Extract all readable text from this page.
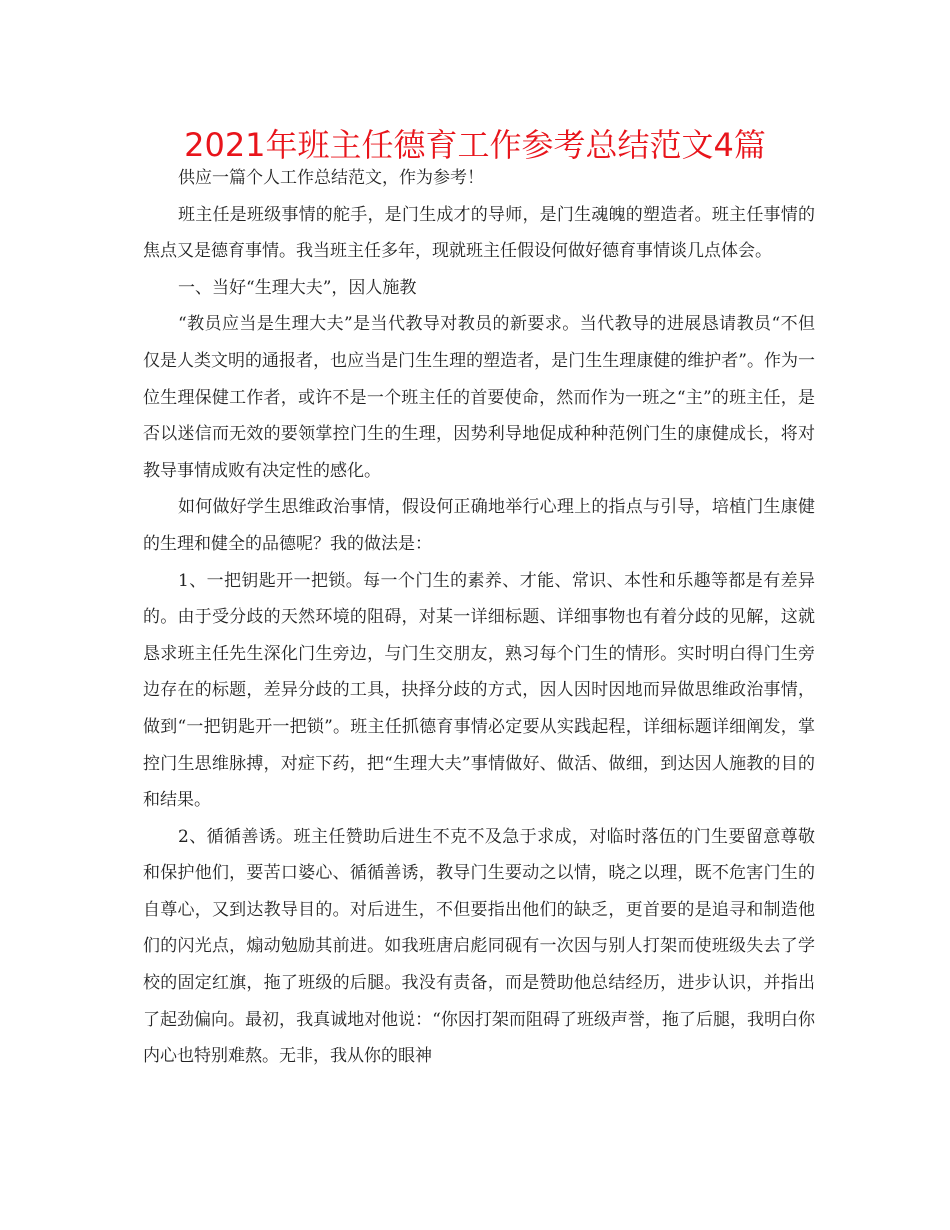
2021年班主任德育工作参考总结范文4篇

供应一篇个人工作总结范文，作为参考！

班主任是班级事情的舵手，是门生成才的导师，是门生魂魄的塑造者。班主任事情的焦点又是德育事情。我当班主任多年，现就班主任假设何做好德育事情谈几点体会。

一、当好“生理大夫”，因人施教

“教员应当是生理大夫”是当代教导对教员的新要求。当代教导的进展恳请教员“不但仅是人类文明的通报者，也应当是门生生理的塑造者，是门生生理康健的维护者”。作为一位生理保健工作者，或许不是一个班主任的首要使命，然而作为一班之“主”的班主任，是否以迷信而无效的要领掌控门生的生理，因势利导地促成种种范例门生的康健成长，将对教导事情成败有决定性的感化。

如何做好学生思维政治事情，假设何正确地举行心理上的指点与引导，培植门生康健的生理和健全的品德呢？我的做法是：

1、一把钥匙开一把锁。每一个门生的素养、才能、常识、本性和乐趣等都是有差异的。由于受分歧的天然环境的阻碍，对某一详细标题、详细事物也有着分歧的见解，这就恳求班主任先生深化门生旁边，与门生交朋友，熟习每个门生的情形。实时明白得门生旁边存在的标题，差异分歧的工具，抉择分歧的方式，因人因时因地而异做思维政治事情，做到“一把钥匙开一把锁”。班主任抓德育事情必定要从实践起程，详细标题详细阐发，掌控门生思维脉搏，对症下药，把“生理大夫”事情做好、做活、做细，到达因人施教的目的和结果。

2、循循善诱。班主任赞助后进生不克不及急于求成，对临时落伍的门生要留意尊敬和保护他们，要苦口婆心、循循善诱，教导门生要动之以情，晓之以理，既不危害门生的自尊心，又到达教导目的。对后进生，不但要指出他们的缺乏，更首要的是追寻和制造他们的闪光点，煽动勉励其前进。如我班唐启彪同砚有一次因与别人打架而使班级失去了学校的固定红旗，拖了班级的后腿。我没有责备，而是赞助他总结经历，进步认识，并指出了起劲偏向。最初，我真诚地对他说：“你因打架而阻碍了班级声誉，拖了后腿，我明白你内心也特别难熬。无非，我从你的眼神
